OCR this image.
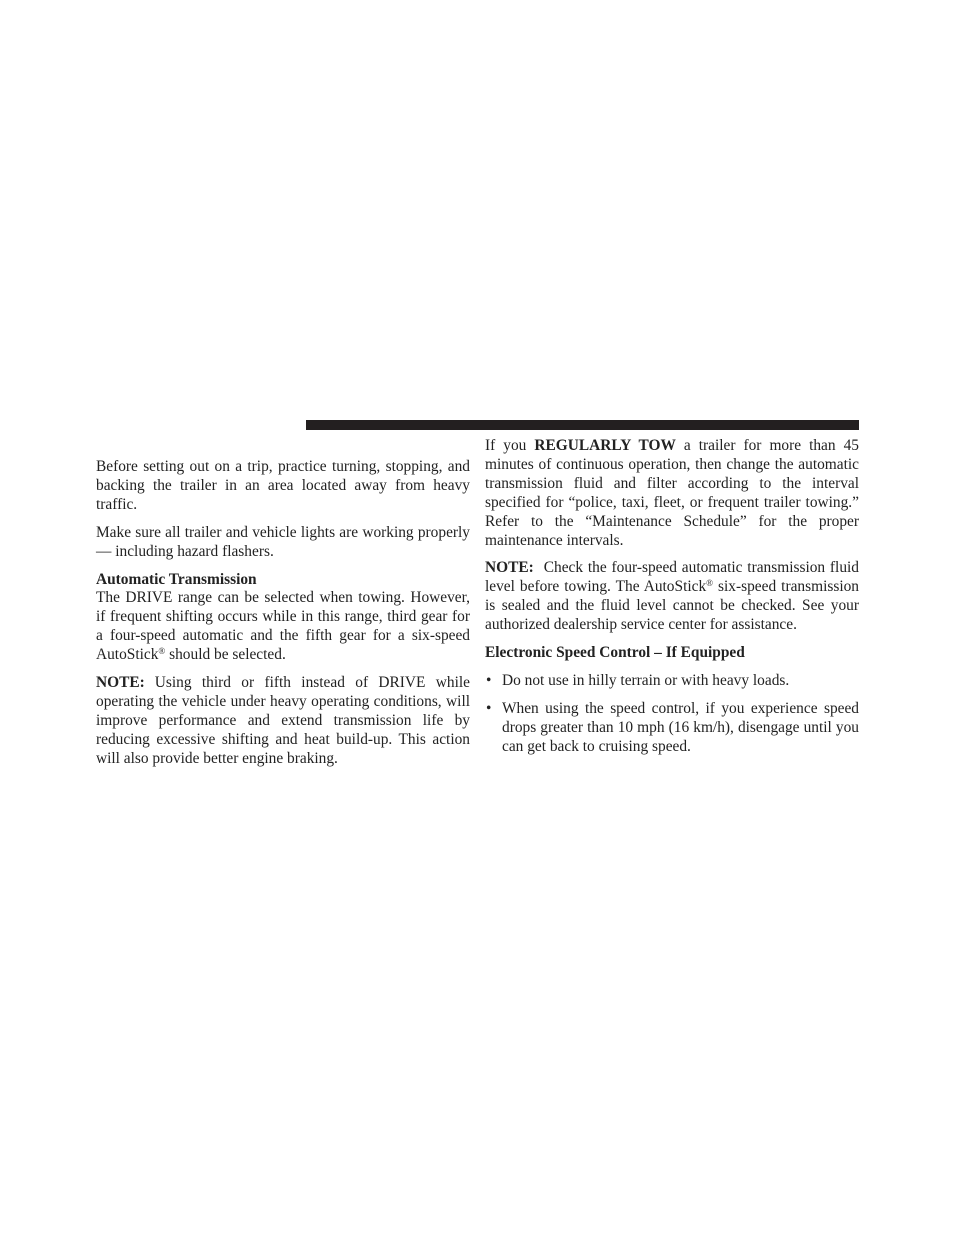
Before setting out on a trip, practice turning, stopping, and backing the trailer in an area located away from heavy traffic.

Make sure all trailer and vehicle lights are working properly — including hazard flashers.

Automatic Transmission

The DRIVE range can be selected when towing. However, if frequent shifting occurs while in this range, third gear for a four-speed automatic and the fifth gear for a six-speed AutoStick® should be selected.

NOTE: Using third or fifth instead of DRIVE while operating the vehicle under heavy operating conditions, will improve performance and extend transmission life by reducing excessive shifting and heat build-up. This action will also provide better engine braking.

If you REGULARLY TOW a trailer for more than 45 minutes of continuous operation, then change the automatic transmission fluid and filter according to the interval specified for “police, taxi, fleet, or frequent trailer towing.” Refer to the “Maintenance Schedule” for the proper maintenance intervals.

NOTE: Check the four-speed automatic transmission fluid level before towing. The AutoStick® six-speed transmission is sealed and the fluid level cannot be checked. See your authorized dealership service center for assistance.

Electronic Speed Control – If Equipped

• Do not use in hilly terrain or with heavy loads.
• When using the speed control, if you experience speed drops greater than 10 mph (16 km/h), disengage until you can get back to cruising speed.
